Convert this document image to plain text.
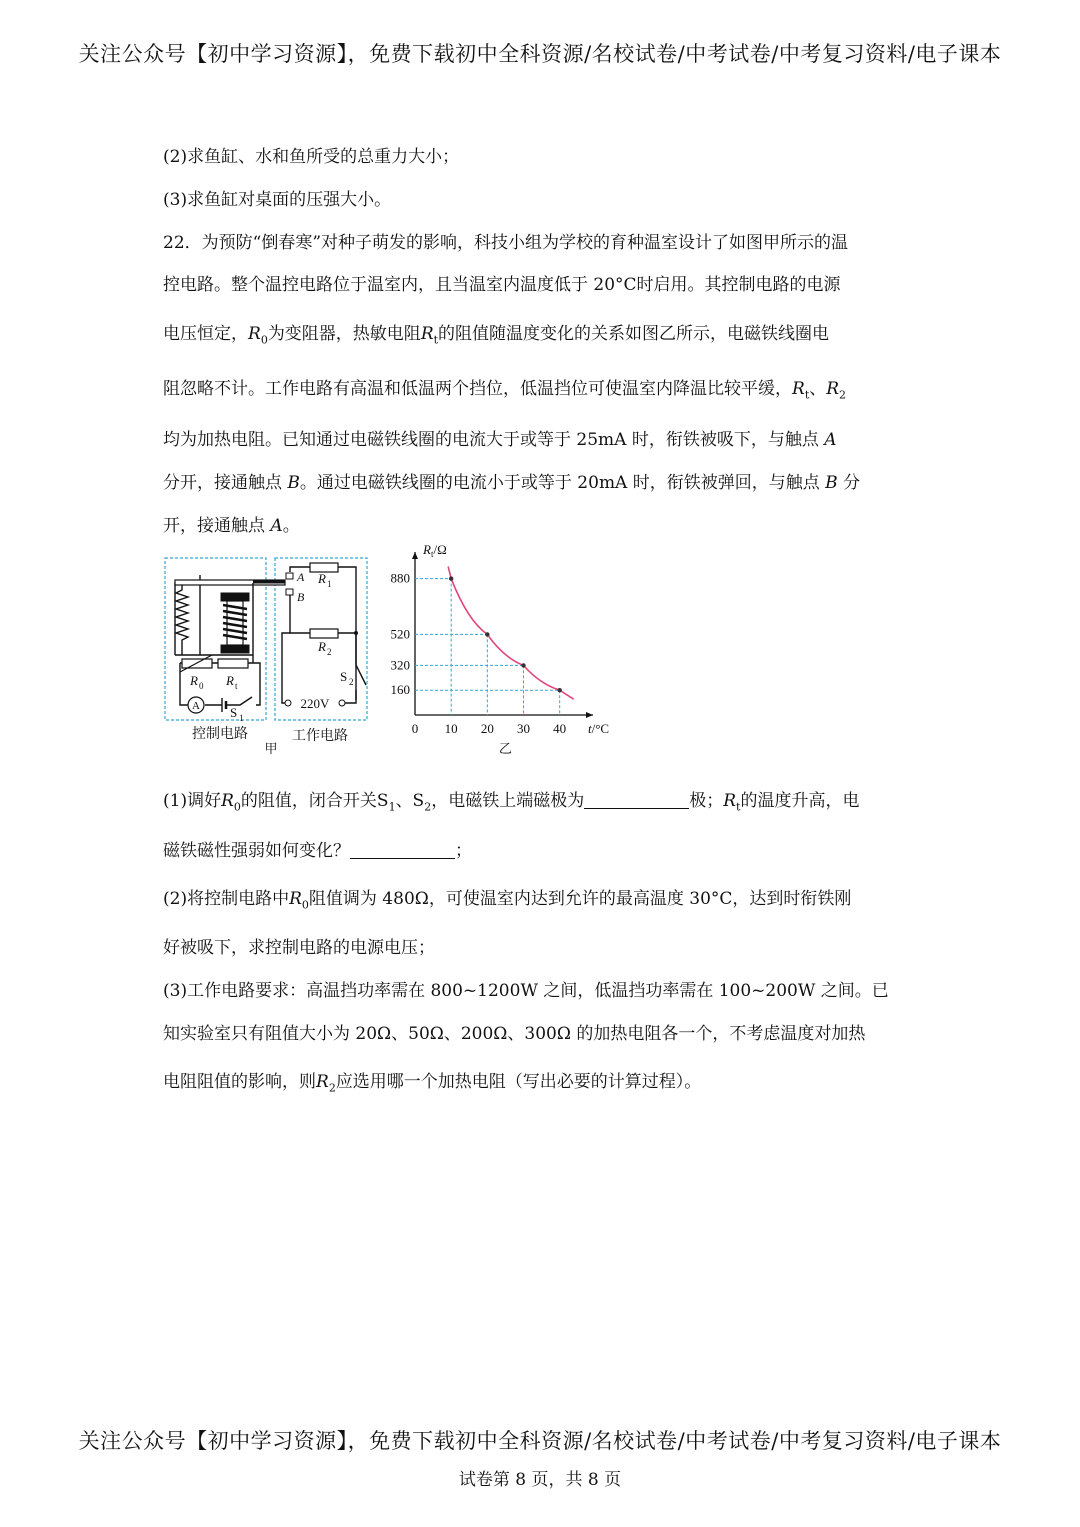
关注公众号【初中学习资源】，免费下载初中全科资源/名校试卷/中考试卷/中考复习资料/电子课本
(2)求鱼缸、水和鱼所受的总重力大小；
(3)求鱼缸对桌面的压强大小。
22．为预防“倒春寒”对种子萌发的影响，科技小组为学校的育种温室设计了如图甲所示的温
控电路。整个温控电路位于温室内，且当温室内温度低于 20°C时启用。其控制电路的电源
电压恒定，$R_0$为变阻器，热敏电阻$R_t$的阻值随温度变化的关系如图乙所示，电磁铁线圈电
阻忽略不计。工作电路有高温和低温两个挡位，低温挡位可使温室内降温比较平缓，$R_t$、$R_2$
均为加热电阻。已知通过电磁铁线圈的电流大于或等于 25mA 时，衔铁被吸下，与触点 A
分开，接通触点 B。通过电磁铁线圈的电流小于或等于 20mA 时，衔铁被弹回，与触点 B 分
开，接通触点 A。
A
R 0 R t
S 1
A
B
R 1
R 2
S 2
220V
控制电路	工作电路
甲
10 20 30 40
160
320
520
880
0
$R_t/\Omega$
t/°C
乙
(1)调好$R_0$的阻值，闭合开关$S_1$、$S_2$，电磁铁上端磁极为	极；$R_t$的温度升高，电
磁铁磁性强弱如何变化？	；
(2)将控制电路中$R_0$阻值调为 480Ω，可使温室内达到允许的最高温度 30°C，达到时衔铁刚
好被吸下，求控制电路的电源电压；
(3)工作电路要求：高温挡功率需在 800~1200W 之间，低温挡功率需在 100~200W 之间。已
知实验室只有阻值大小为 20Ω、50Ω、200Ω、300Ω 的加热电阻各一个，不考虑温度对加热
电阻阻值的影响，则$R_2$应选用哪一个加热电阻（写出必要的计算过程）。
关注公众号【初中学习资源】，免费下载初中全科资源/名校试卷/中考试卷/中考复习资料/电子课本
试卷第 8 页，共 8 页
